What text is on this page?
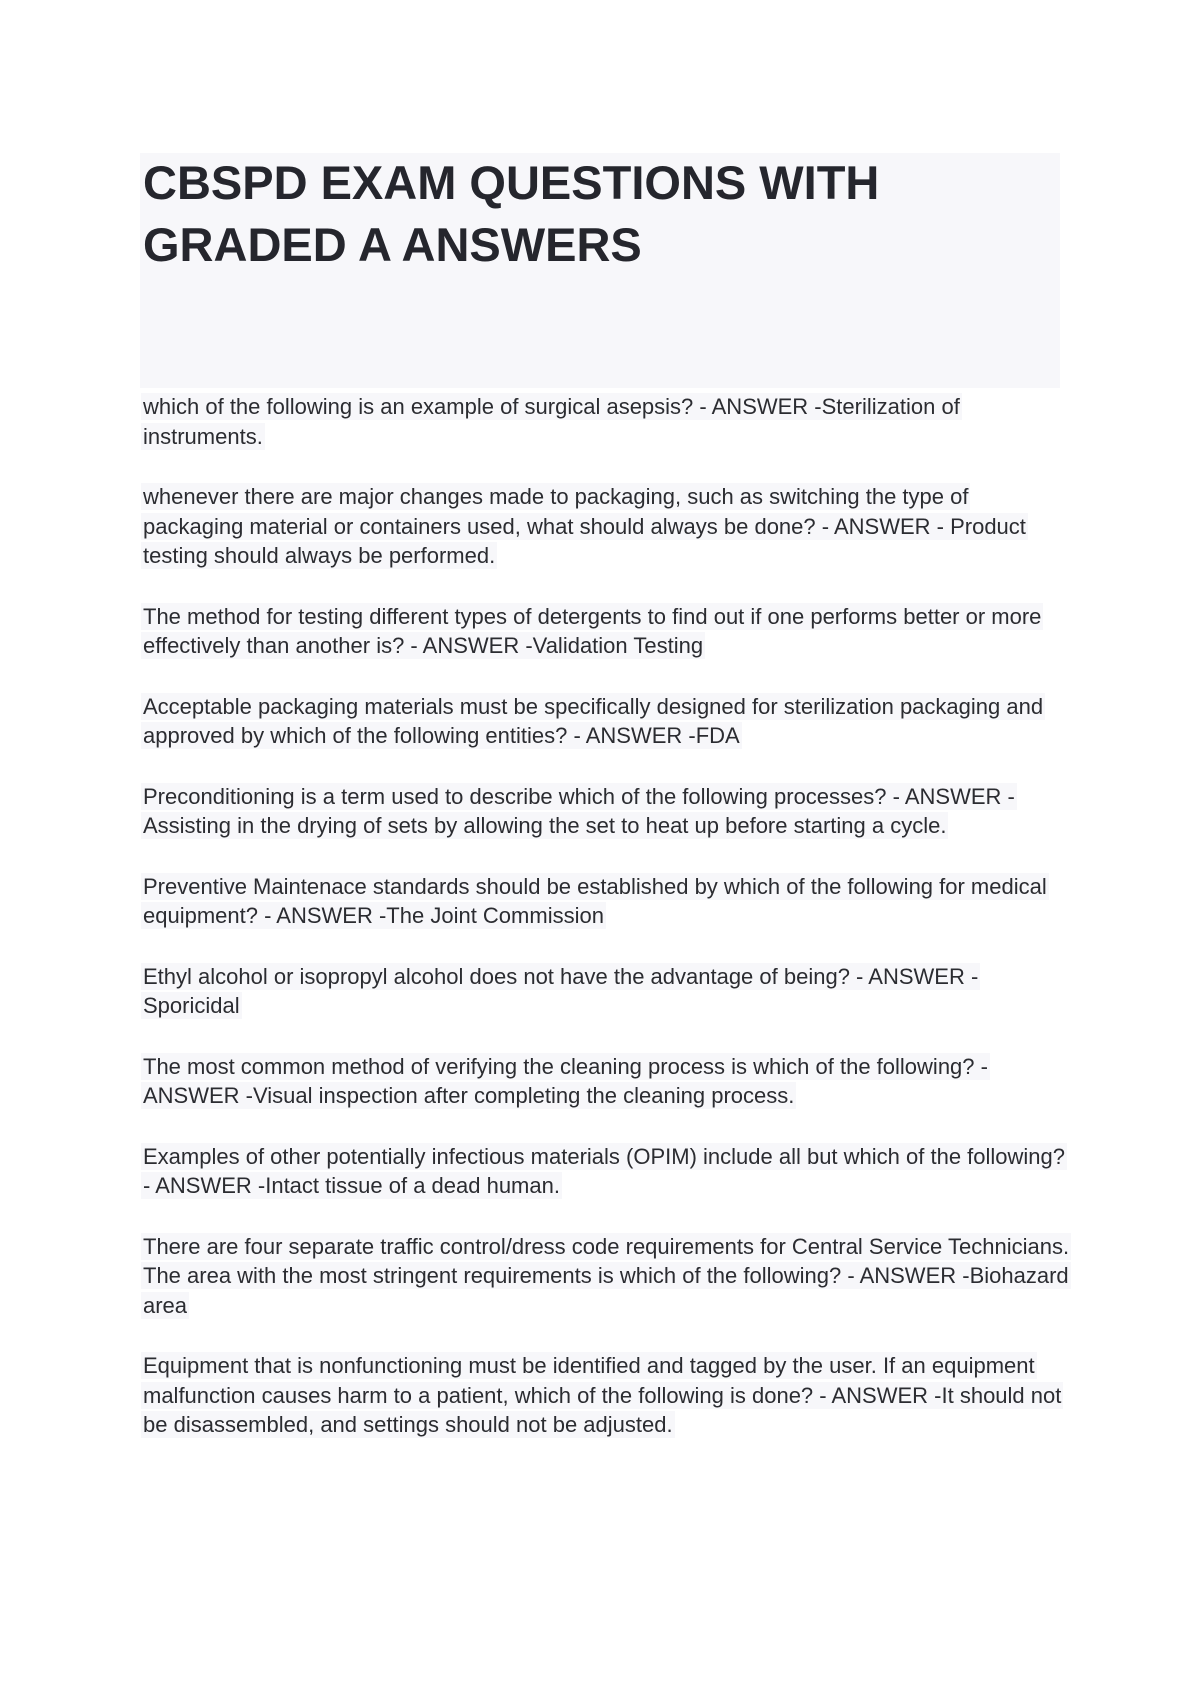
CBSPD EXAM QUESTIONS WITH
GRADED A ANSWERS

which of the following is an example of surgical asepsis? - ANSWER -Sterilization of instruments.

whenever there are major changes made to packaging, such as switching the type of packaging material or containers used, what should always be done? - ANSWER - Product testing should always be performed.

The method for testing different types of detergents to find out if one performs better or more effectively than another is? - ANSWER -Validation Testing

Acceptable packaging materials must be specifically designed for sterilization packaging and approved by which of the following entities? - ANSWER -FDA

Preconditioning is a term used to describe which of the following processes? - ANSWER -Assisting in the drying of sets by allowing the set to heat up before starting a cycle.

Preventive Maintenace standards should be established by which of the following for medical equipment? - ANSWER -The Joint Commission

Ethyl alcohol or isopropyl alcohol does not have the advantage of being? - ANSWER - Sporicidal

The most common method of verifying the cleaning process is which of the following? - ANSWER -Visual inspection after completing the cleaning process.

Examples of other potentially infectious materials (OPIM) include all but which of the following? - ANSWER -Intact tissue of a dead human.

There are four separate traffic control/dress code requirements for Central Service Technicians. The area with the most stringent requirements is which of the following? - ANSWER -Biohazard area

Equipment that is nonfunctioning must be identified and tagged by the user. If an equipment malfunction causes harm to a patient, which of the following is done? - ANSWER -It should not be disassembled, and settings should not be adjusted.
